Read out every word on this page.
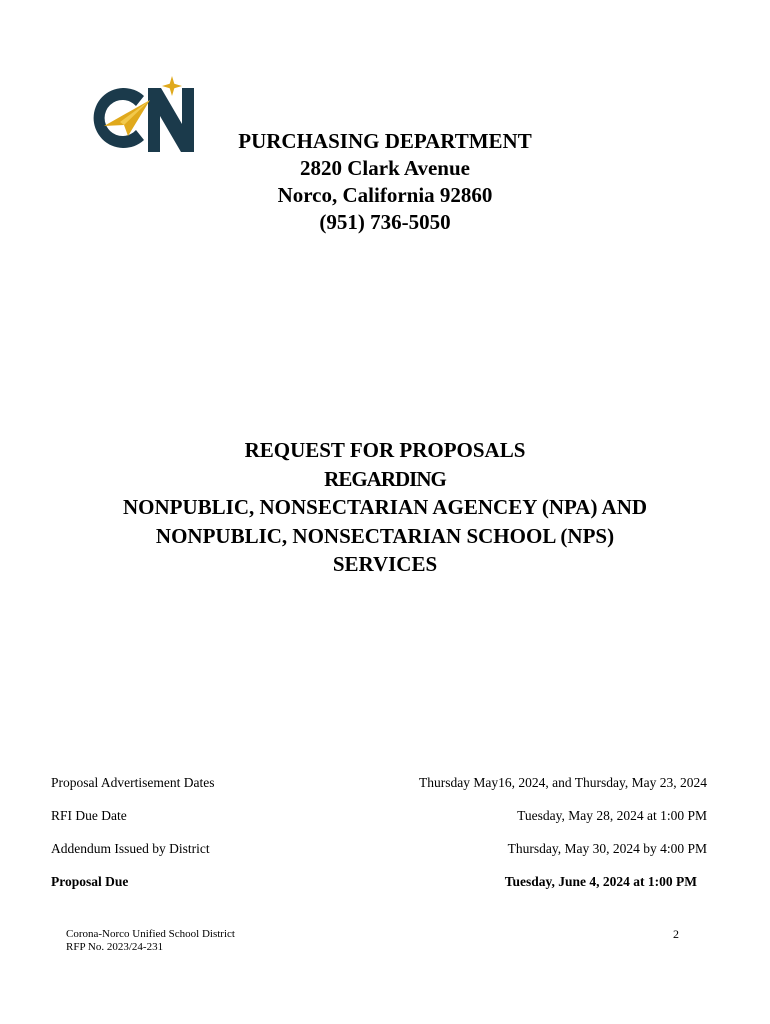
PURCHASING DEPARTMENT
2820 Clark Avenue
Norco, California 92860
(951) 736-5050
REQUEST FOR PROPOSALS
REGARDING
NONPUBLIC, NONSECTARIAN AGENCEY (NPA) AND
NONPUBLIC, NONSECTARIAN SCHOOL (NPS)
SERVICES
Proposal Advertisement Dates	Thursday May16, 2024, and Thursday, May 23, 2024
RFI Due Date	Tuesday, May 28, 2024 at 1:00 PM
Addendum Issued by District	Thursday, May 30, 2024 by 4:00 PM
Proposal Due	Tuesday, June 4, 2024 at 1:00 PM
Corona-Norco Unified School District
RFP No. 2023/24-231
2
